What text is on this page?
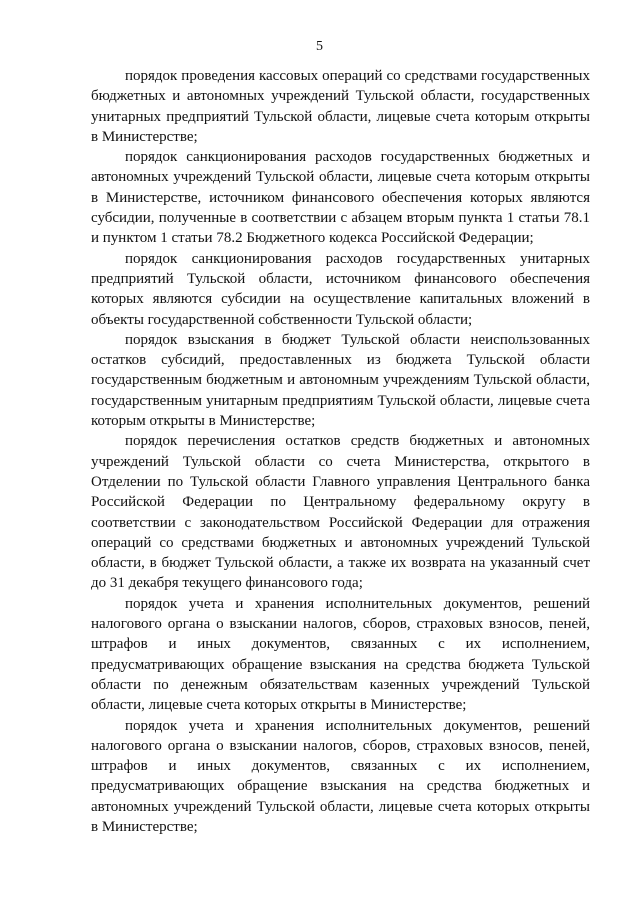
5

порядок проведения кассовых операций со средствами государственных бюджетных и автономных учреждений Тульской области, государственных унитарных предприятий Тульской области, лицевые счета которым открыты в Министерстве;

порядок санкционирования расходов государственных бюджетных и автономных учреждений Тульской области, лицевые счета которым открыты в Министерстве, источником финансового обеспечения которых являются субсидии, полученные в соответствии с абзацем вторым пункта 1 статьи 78.1 и пунктом 1 статьи 78.2 Бюджетного кодекса Российской Федерации;

порядок санкционирования расходов государственных унитарных предприятий Тульской области, источником финансового обеспечения которых являются субсидии на осуществление капитальных вложений в объекты государственной собственности Тульской области;

порядок взыскания в бюджет Тульской области неиспользованных остатков субсидий, предоставленных из бюджета Тульской области государственным бюджетным и автономным учреждениям Тульской области, государственным унитарным предприятиям Тульской области, лицевые счета которым открыты в Министерстве;

порядок перечисления остатков средств бюджетных и автономных учреждений Тульской области со счета Министерства, открытого в Отделении по Тульской области Главного управления Центрального банка Российской Федерации по Центральному федеральному округу в соответствии с законодательством Российской Федерации для отражения операций со средствами бюджетных и автономных учреждений Тульской области, в бюджет Тульской области, а также их возврата на указанный счет до 31 декабря текущего финансового года;

порядок учета и хранения исполнительных документов, решений налогового органа о взыскании налогов, сборов, страховых взносов, пеней, штрафов и иных документов, связанных с их исполнением, предусматривающих обращение взыскания на средства бюджета Тульской области по денежным обязательствам казенных учреждений Тульской области, лицевые счета которых открыты в Министерстве;

порядок учета и хранения исполнительных документов, решений налогового органа о взыскании налогов, сборов, страховых взносов, пеней, штрафов и иных документов, связанных с их исполнением, предусматривающих обращение взыскания на средства бюджетных и автономных учреждений Тульской области, лицевые счета которых открыты в Министерстве;
